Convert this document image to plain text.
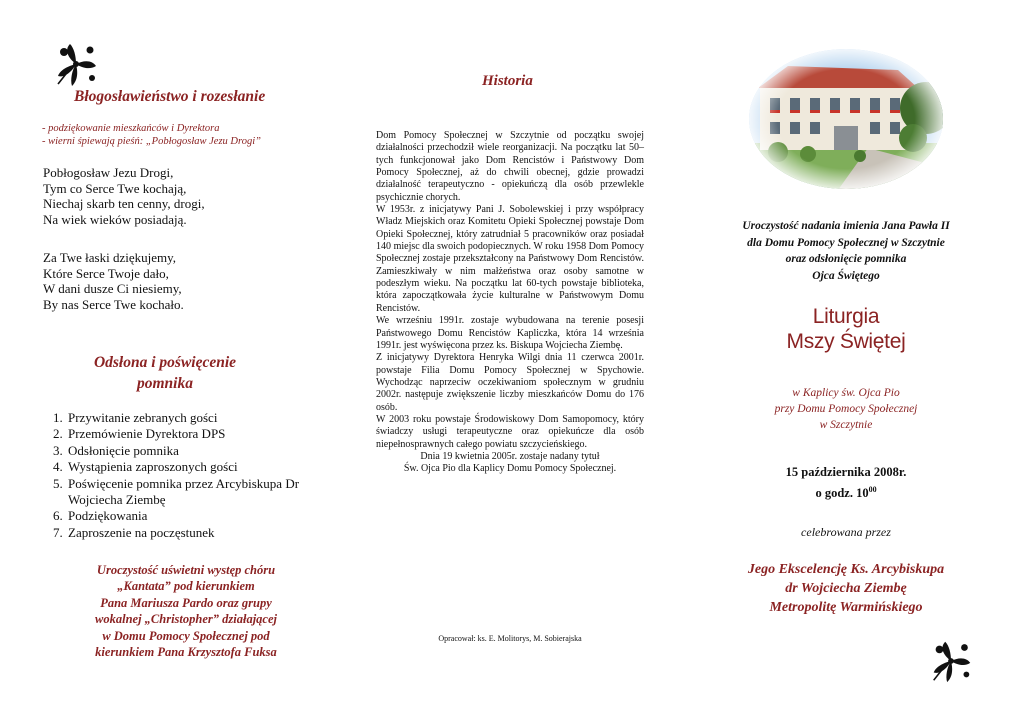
Błogosławieństwo i rozesłanie
- podziękowanie mieszkańców i Dyrektora
- wierni śpiewają pieśń: „Pobłogosław Jezu Drogi”
Pobłogosław Jezu Drogi,
Tym co Serce Twe kochają,
Niechaj skarb ten cenny, drogi,
Na wiek wieków posiadają.
Za Twe łaski dziękujemy,
Które Serce Twoje dało,
W dani dusze Ci niesiemy,
By nas Serce Twe kochało.
Odsłona i poświęcenie
pomnika
1. Przywitanie zebranych gości
2. Przemówienie Dyrektora DPS
3. Odsłonięcie pomnika
4. Wystąpienia zaproszonych gości
5. Poświęcenie pomnika przez Arcybiskupa Dr Wojciecha Ziembę
6. Podziękowania
7. Zaproszenie na poczęstunek
Uroczystość uświetni występ chóru
„Kantata” pod kierunkiem
Pana Mariusza Pardo oraz grupy
wokalnej „Christopher” działającej
w Domu Pomocy Społecznej pod
kierunkiem Pana Krzysztofa Fuksa
Historia

Dom Pomocy Społecznej w Szczytnie od początku swojej działalności przechodził wiele reorganizacji. Na początku lat 50–tych funkcjonował jako Dom Rencistów i Państwowy Dom Pomocy Społecznej, aż do chwili obecnej, gdzie prowadzi działalność terapeutyczno - opiekuńczą dla osób przewlekle psychicznie chorych.

W 1953r. z inicjatywy Pani J. Sobolewskiej i przy współpracy Władz Miejskich oraz Komitetu Opieki Społecznej powstaje Dom Opieki Społecznej, który zatrudniał 5 pracowników oraz posiadał 140 miejsc dla swoich podopiecznych. W roku 1958 Dom Pomocy Społecznej zostaje przekształcony na Państwowy Dom Rencistów. Zamieszkiwały w nim małżeństwa oraz osoby samotne w podeszłym wieku. Na początku lat 60-tych powstaje biblioteka, która zapoczątkowała życie kulturalne w Państwowym Domu Rencistów.

We wrześniu 1991r. zostaje wybudowana na terenie posesji Państwowego Domu Rencistów Kapliczka, która 14 września 1991r. jest wyświęcona przez ks. Biskupa Wojciecha Ziembę.

Z inicjatywy Dyrektora Henryka Wilgi dnia 11 czerwca 2001r. powstaje Filia Domu Pomocy Społecznej w Spychowie. Wychodząc naprzeciw oczekiwaniom społecznym w grudniu 2002r. następuje zwiększenie liczby mieszkańców Domu do 176 osób.

W 2003 roku powstaje Środowiskowy Dom Samopomocy, który świadczy usługi terapeutyczne oraz opiekuńcze dla osób niepełnosprawnych całego powiatu szczycieńskiego.

Dnia 19 kwietnia 2005r. zostaje nadany tytuł
Św. Ojca Pio dla Kaplicy Domu Pomocy Społecznej.
Opracował: ks. E. Molitorys, M. Sobierajska
Uroczystość nadania imienia Jana Pawła II
dla Domu Pomocy Społecznej w Szczytnie
oraz odsłonięcie pomnika
Ojca Świętego
Liturgia
Mszy Świętej
w Kaplicy św. Ojca Pio
przy Domu Pomocy Społecznej
w Szczytnie
15 października 2008r.
o godz. $10^{00}$
celebrowana przez
Jego Ekscelencję Ks. Arcybiskupa
dr Wojciecha Ziembę
Metropolitę Warmińskiego
